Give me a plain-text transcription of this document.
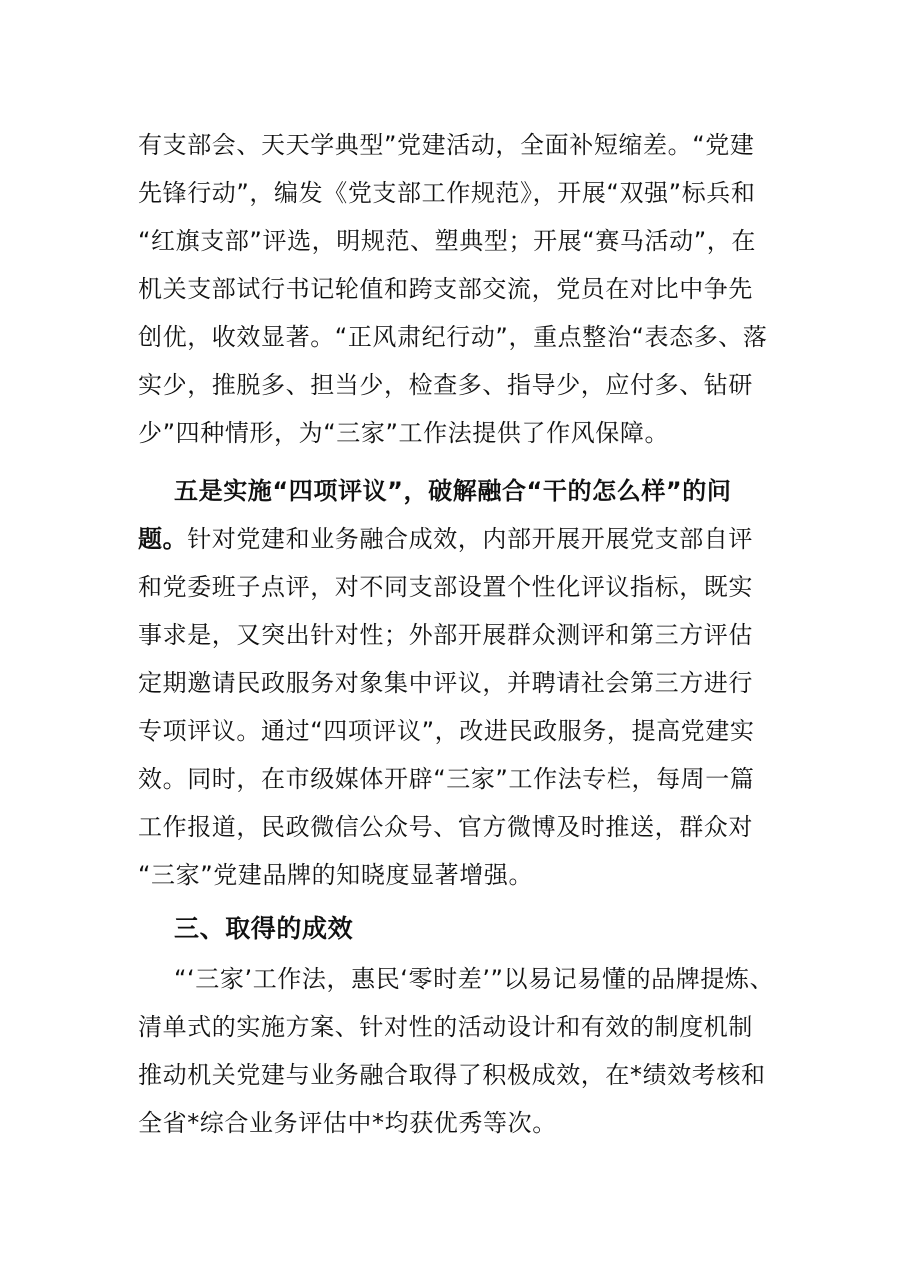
有支部会、天天学典型”党建活动，全面补短缩差。“党建
先锋行动”，编发《党支部工作规范》，开展“双强”标兵和
“红旗支部”评选，明规范、塑典型；开展“赛马活动”，在
机关支部试行书记轮值和跨支部交流，党员在对比中争先
创优，收效显著。“正风肃纪行动”，重点整治“表态多、落
实少，推脱多、担当少，检查多、指导少，应付多、钻研
少”四种情形，为“三家”工作法提供了作风保障。
五是实施“四项评议”，破解融合“干的怎么样”的问
题。针对党建和业务融合成效，内部开展开展党支部自评
和党委班子点评，对不同支部设置个性化评议指标，既实
事求是，又突出针对性；外部开展群众测评和第三方评估
定期邀请民政服务对象集中评议，并聘请社会第三方进行
专项评议。通过“四项评议”，改进民政服务，提高党建实
效。同时，在市级媒体开辟“三家”工作法专栏，每周一篇
工作报道，民政微信公众号、官方微博及时推送，群众对
“三家”党建品牌的知晓度显著增强。
三、取得的成效
“‘三家’工作法，惠民‘零时差’”以易记易懂的品牌提炼、
清单式的实施方案、针对性的活动设计和有效的制度机制
推动机关党建与业务融合取得了积极成效，在*绩效考核和
全省*综合业务评估中*均获优秀等次。
